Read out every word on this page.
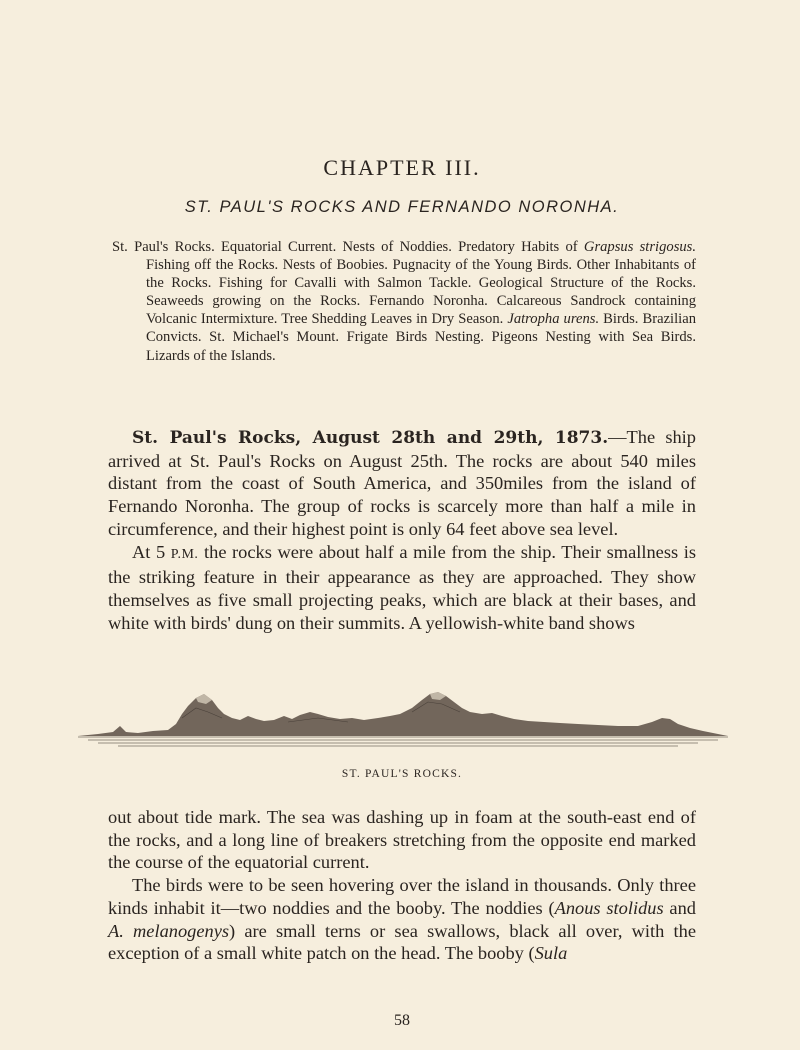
CHAPTER III.
ST. PAUL'S ROCKS AND FERNANDO NORONHA.
St. Paul's Rocks. Equatorial Current. Nests of Noddies. Predatory Habits of Grapsus strigosus. Fishing off the Rocks. Nests of Boobies. Pugnacity of the Young Birds. Other Inhabitants of the Rocks. Fishing for Cavalli with Salmon Tackle. Geological Structure of the Rocks. Seaweeds growing on the Rocks. Fernando Noronha. Calcareous Sandrock containing Volcanic Intermixture. Tree Shedding Leaves in Dry Season. Jatropha urens. Birds. Brazilian Convicts. St. Michael's Mount. Frigate Birds Nesting. Pigeons Nesting with Sea Birds. Lizards of the Islands.

St. Paul's Rocks, August 28th and 29th, 1873.—The ship arrived at St. Paul's Rocks on August 25th. The rocks are about 540 miles distant from the coast of South America, and 350miles from the island of Fernando Noronha. The group of rocks is scarcely more than half a mile in circumference, and their highest point is only 64 feet above sea level.

At 5 P.M. the rocks were about half a mile from the ship. Their smallness is the striking feature in their appearance as they are approached. They show themselves as five small projecting peaks, which are black at their bases, and white with birds' dung on their summits. A yellowish-white band shows

ST. PAUL'S ROCKS.

out about tide mark. The sea was dashing up in foam at the south-east end of the rocks, and a long line of breakers stretching from the opposite end marked the course of the equatorial current.

The birds were to be seen hovering over the island in thousands. Only three kinds inhabit it—two noddies and the booby. The noddies (Anous stolidus and A. melanogenys) are small terns or sea swallows, black all over, with the exception of a small white patch on the head. The booby (Sula

58
